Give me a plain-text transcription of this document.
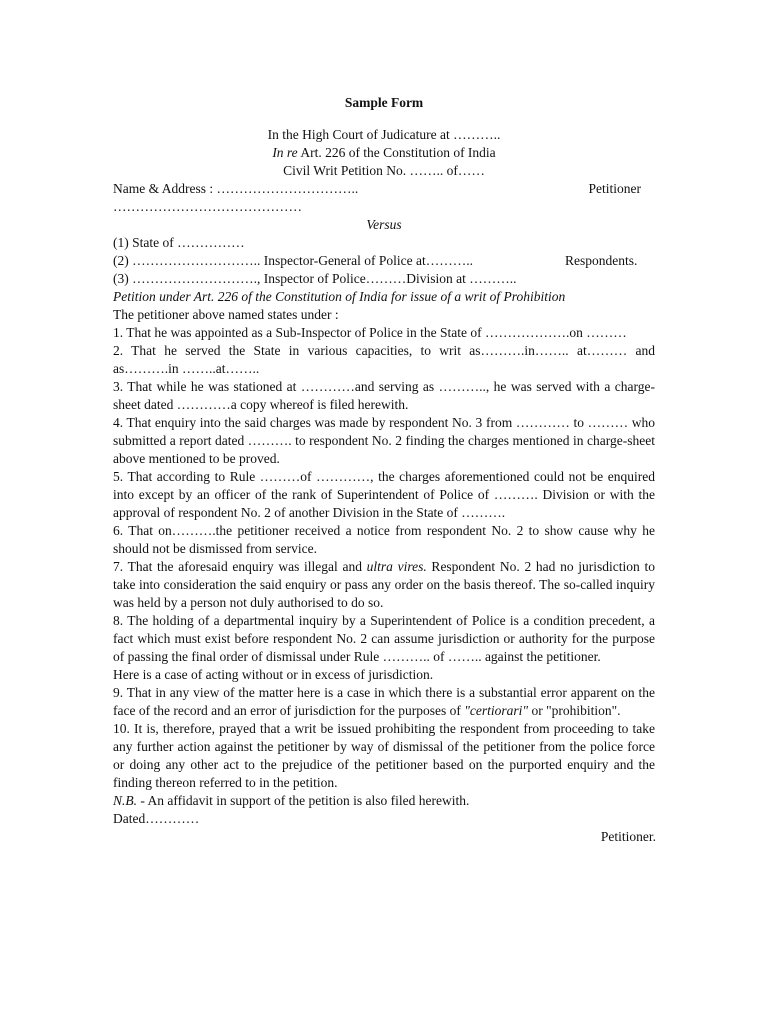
Sample Form
In the High Court of Judicature at ………..
In re Art. 226 of the Constitution of India
Civil Writ Petition No. …….. of……
Name & Address : …………………………..	Petitioner
……………………………………
Versus
(1) State of ……………
(2) ……………………….. Inspector-General of Police at………..	Respondents.
(3) ………………………., Inspector of Police………Division at ………..
Petition under Art. 226 of the Constitution of India for issue of a writ of Prohibition
The petitioner above named states under :
1. That he was appointed as a Sub-Inspector of Police in the State of ……………….on ………
2. That he served the State in various capacities, to writ as……….in…….. at……… and as……….in ……..at……..
3. That while he was stationed at …………and serving as ……….., he was served with a charge-sheet dated …………a copy whereof is filed herewith.
4. That enquiry into the said charges was made by respondent No. 3 from ………… to ……… who submitted a report dated ………. to respondent No. 2 finding the charges mentioned in charge-sheet above mentioned to be proved.
5. That according to Rule ………of …………, the charges aforementioned could not be enquired into except by an officer of the rank of Superintendent of Police of ………. Division or with the approval of respondent No. 2 of another Division in the State of ……….
6. That on……….the petitioner received a notice from respondent No. 2 to show cause why he should not be dismissed from service.
7. That the aforesaid enquiry was illegal and ultra vires. Respondent No. 2 had no jurisdiction to take into consideration the said enquiry or pass any order on the basis thereof. The so-called inquiry was held by a person not duly authorised to do so.
8. The holding of a departmental inquiry by a Superintendent of Police is a condition precedent, a fact which must exist before respondent No. 2 can assume jurisdiction or authority for the purpose of passing the final order of dismissal under Rule ……….. of …….. against the petitioner.
Here is a case of acting without or in excess of jurisdiction.
9. That in any view of the matter here is a case in which there is a substantial error apparent on the face of the record and an error of jurisdiction for the purposes of "certiorari" or "prohibition".
10. It is, therefore, prayed that a writ be issued prohibiting the respondent from proceeding to take any further action against the petitioner by way of dismissal of the petitioner from the police force or doing any other act to the prejudice of the petitioner based on the purported enquiry and the finding thereon referred to in the petition.
N.B. - An affidavit in support of the petition is also filed herewith.
Dated…………
Petitioner.
